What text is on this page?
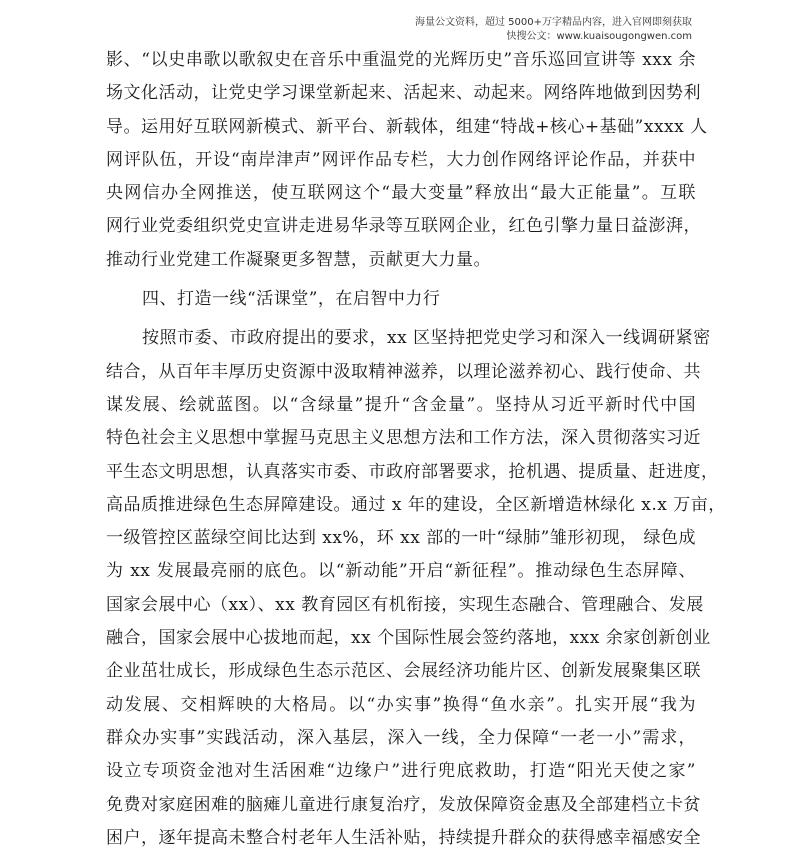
海量公文资料，超过 5000+万字精品内容，进入官网即刻获取
快搜公文：www.kuaisougongwen.com
影、“以史串歌以歌叙史在音乐中重温党的光辉历史”音乐巡回宣讲等 xxx 余
场文化活动，让党史学习课堂新起来、活起来、动起来。网络阵地做到因势利
导。运用好互联网新模式、新平台、新载体，组建“特战+核心+基础”xxxx 人
网评队伍，开设“南岸津声”网评作品专栏，大力创作网络评论作品，并获中
央网信办全网推送，使互联网这个“最大变量”释放出“最大正能量”。互联
网行业党委组织党史宣讲走进易华录等互联网企业，红色引擎力量日益澎湃，
推动行业党建工作凝聚更多智慧，贡献更大力量。
四、打造一线“活课堂”，在启智中力行
按照市委、市政府提出的要求，xx 区坚持把党史学习和深入一线调研紧密
结合，从百年丰厚历史资源中汲取精神滋养，以理论滋养初心、践行使命、共
谋发展、绘就蓝图。以“含绿量”提升“含金量”。坚持从习近平新时代中国
特色社会主义思想中掌握马克思主义思想方法和工作方法，深入贯彻落实习近
平生态文明思想，认真落实市委、市政府部署要求，抢机遇、提质量、赶进度，
高品质推进绿色生态屏障建设。通过 x 年的建设，全区新增造林绿化 x.x 万亩，
一级管控区蓝绿空间比达到 xx%，环 xx 部的一叶“绿肺”雏形初现， 绿色成
为 xx 发展最亮丽的底色。以“新动能”开启“新征程”。推动绿色生态屏障、
国家会展中心（xx）、xx 教育园区有机衔接，实现生态融合、管理融合、发展
融合，国家会展中心拔地而起，xx 个国际性展会签约落地，xxx 余家创新创业
企业茁壮成长，形成绿色生态示范区、会展经济功能片区、创新发展聚集区联
动发展、交相辉映的大格局。以“办实事”换得“鱼水亲”。扎实开展“我为
群众办实事”实践活动，深入基层，深入一线，全力保障“一老一小”需求，
设立专项资金池对生活困难“边缘户”进行兜底救助，打造“阳光天使之家”
免费对家庭困难的脑瘫儿童进行康复治疗，发放保障资金惠及全部建档立卡贫
困户，逐年提高未整合村老年人生活补贴，持续提升群众的获得感幸福感安全
